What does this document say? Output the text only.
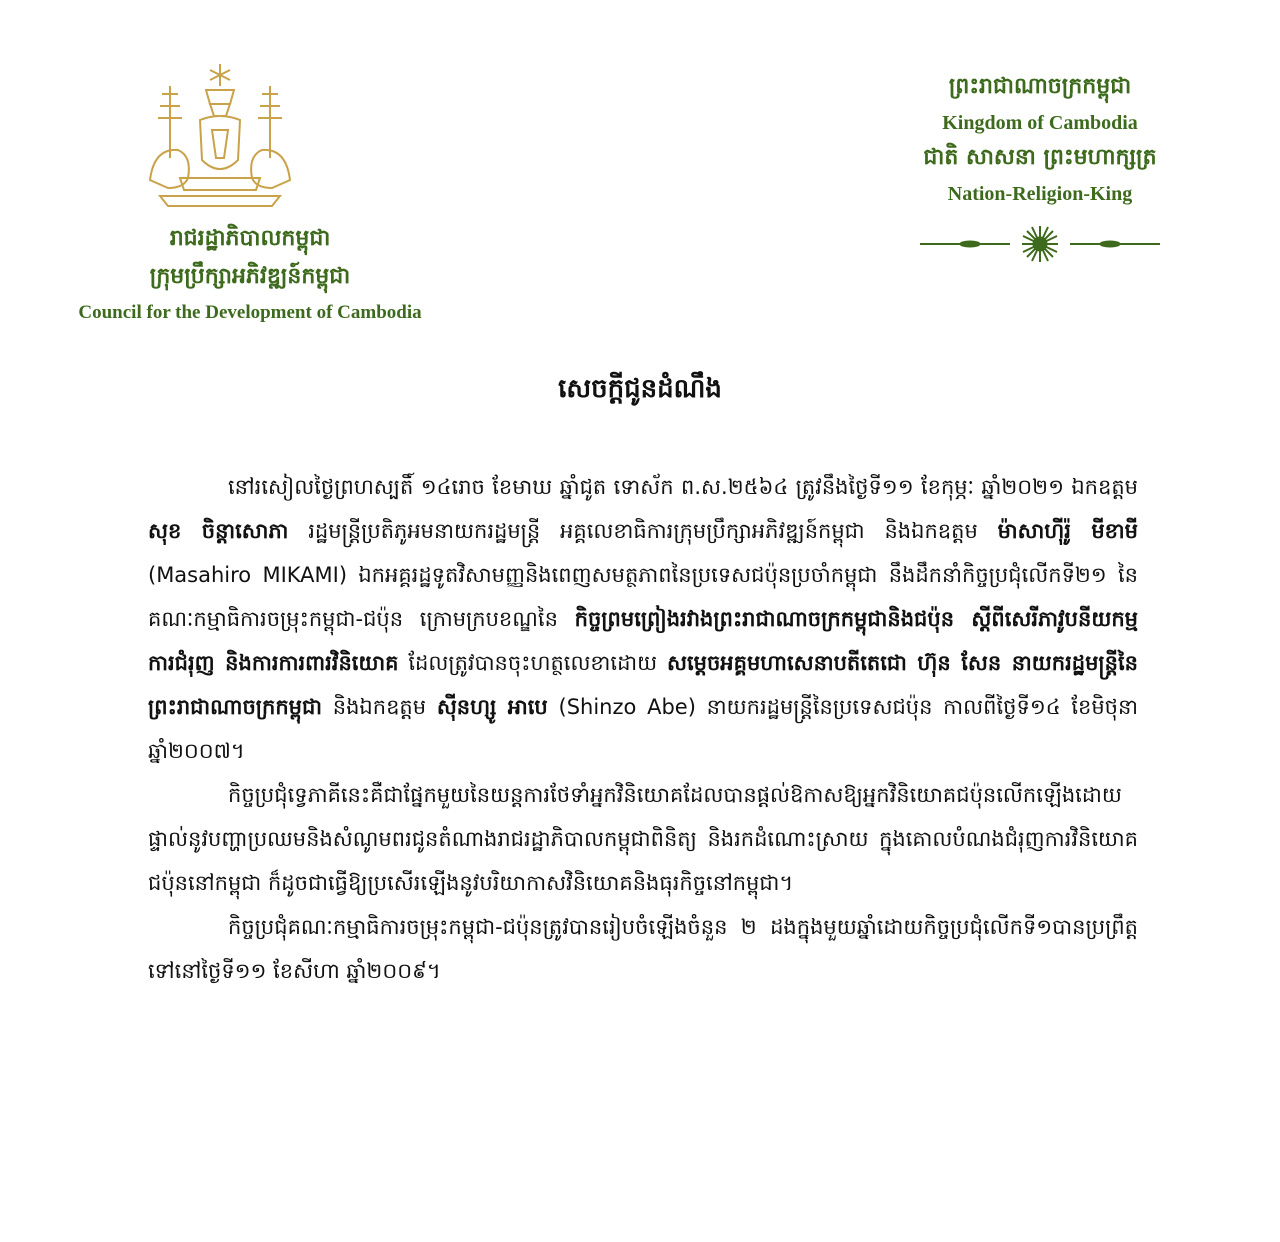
រាជរដ្ឋាភិបាលកម្ពុជា
ក្រុមប្រឹក្សាអភិវឌ្ឍន៍កម្ពុជា
Council for the Development of Cambodia
ព្រះរាជាណាចក្រកម្ពុជា
Kingdom of Cambodia
ជាតិ សាសនា ព្រះមហាក្សត្រ
Nation-Religion-King
សេចក្តីជូនដំណឹង

នៅរសៀលថ្ងៃព្រហស្បតិ៍ ១៤រោច ខែមាឃ ឆ្នាំជូត ទោស័ក ព.ស.២៥៦៤ ត្រូវនឹងថ្ងៃទី១១ ខែកុម្ភៈ ឆ្នាំ២០២១ ឯកឧត្តម សុខ ចិន្តាសោភា រដ្ឋមន្ត្រីប្រតិភូអមនាយករដ្ឋមន្ត្រី អគ្គលេខាធិការក្រុមប្រឹក្សាអភិវឌ្ឍន៍កម្ពុជា និងឯកឧត្តម ម៉ាសាហ៊ីរ៉ូ មីខាមី (Masahiro MIKAMI) ឯកអគ្គរដ្ឋទូតវិសាមញ្ញនិងពេញសមត្ថភាពនៃប្រទេសជប៉ុនប្រចាំកម្ពុជា នឹងដឹកនាំកិច្ចប្រជុំលើកទី២១ នៃគណៈកម្មាធិការចម្រុះកម្ពុជា-ជប៉ុន ក្រោមក្របខណ្ឌនៃ កិច្ចព្រមព្រៀងរវាងព្រះរាជាណាចក្រកម្ពុជានិងជប៉ុន ស្តីពីសេរីភាវូបនីយកម្ម ការជំរុញ និងការការពារវិនិយោគ ដែលត្រូវបានចុះហត្ថលេខាដោយ សម្តេចអគ្គមហាសេនាបតីតេជោ ហ៊ុន សែន នាយករដ្ឋមន្ត្រីនៃព្រះរាជាណាចក្រកម្ពុជា និងឯកឧត្តម ស៊ីនហ្សូ អាបេ (Shinzo Abe) នាយករដ្ឋមន្ត្រីនៃប្រទេសជប៉ុន កាលពីថ្ងៃទី១៤ ខែមិថុនា ឆ្នាំ២០០៧។

កិច្ចប្រជុំទ្វេភាគីនេះគឺជាផ្នែកមួយនៃយន្តការថែទាំអ្នកវិនិយោគដែលបានផ្តល់ឱកាសឱ្យអ្នកវិនិយោគជប៉ុនលើកឡើងដោយផ្ទាល់នូវបញ្ហាប្រឈមនិងសំណូមពរជូនតំណាងរាជរដ្ឋាភិបាលកម្ពុជាពិនិត្យ និងរកដំណោះស្រាយ ក្នុងគោលបំណងជំរុញការវិនិយោគជប៉ុននៅកម្ពុជា ក៏ដូចជាធ្វើឱ្យប្រសើរឡើងនូវបរិយាកាសវិនិយោគនិងធុរកិច្ចនៅកម្ពុជា។

កិច្ចប្រជុំគណៈកម្មាធិការចម្រុះកម្ពុជា-ជប៉ុនត្រូវបានរៀបចំឡើងចំនួន ២ ដងក្នុងមួយឆ្នាំដោយកិច្ចប្រជុំលើកទី១បានប្រព្រឹត្តទៅនៅថ្ងៃទី១១ ខែសីហា ឆ្នាំ២០០៩។
